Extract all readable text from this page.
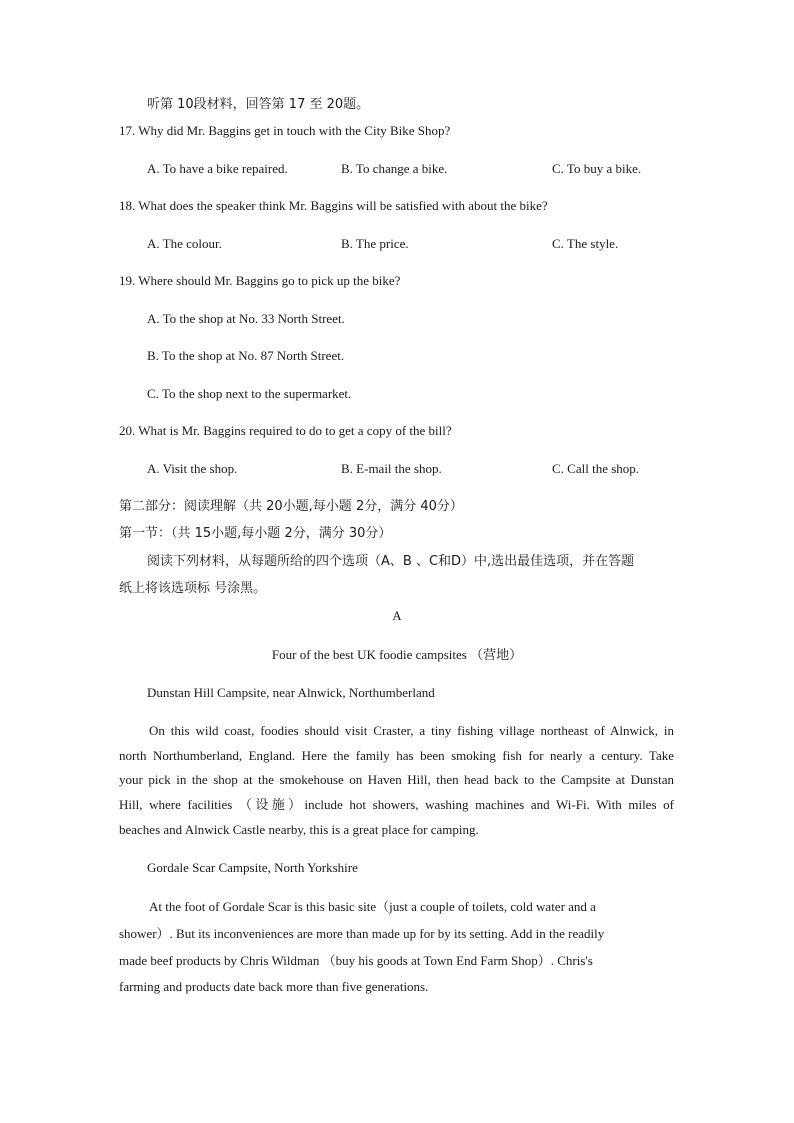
听第 10段材料，回答第 17 至 20题。
17. Why did Mr. Baggins get in touch with the City Bike Shop?
A. To have a bike repaired.	B. To change a bike.	C. To buy a bike.
18. What does the speaker think Mr. Baggins will be satisfied with about the bike?
A. The colour.	B. The price.	C. The style.
19. Where should Mr. Baggins go to pick up the bike?
A. To the shop at No. 33 North Street.
B. To the shop at No. 87 North Street.
C. To the shop next to the supermarket.
20. What is Mr. Baggins required to do to get a copy of the bill?
A. Visit the shop.	B. E-mail the shop.	C. Call the shop.
第二部分：阅读理解（共 20小题,每小题 2分，满分 40分）
第一节：（共 15小题,每小题 2分，满分 30分）
阅读下列材料，从每题所给的四个选项（A、B 、C和D）中,选出最佳选项，并在答题
纸上将该选项标 号涂黑。
A
Four of the best UK foodie campsites （营地）
Dunstan Hill Campsite, near Alnwick, Northumberland
On this wild coast, foodies should visit Craster, a tiny fishing village northeast of Alnwick, in
north Northumberland, England. Here the family has been smoking fish for nearly a century. Take
your pick in the shop at the smokehouse on Haven Hill, then head back to the Campsite at Dunstan
Hill, where facilities （设施）include hot showers, washing machines and Wi-Fi. With miles of
beaches and Alnwick Castle nearby, this is a great place for camping.
Gordale Scar Campsite, North Yorkshire
At the foot of Gordale Scar is this basic site（just a couple of toilets, cold water and a
shower）. But its inconveniences are more than made up for by its setting. Add in the readily
made beef products by Chris Wildman （buy his goods at Town End Farm Shop）. Chris's
farming and products date back more than five generations.
